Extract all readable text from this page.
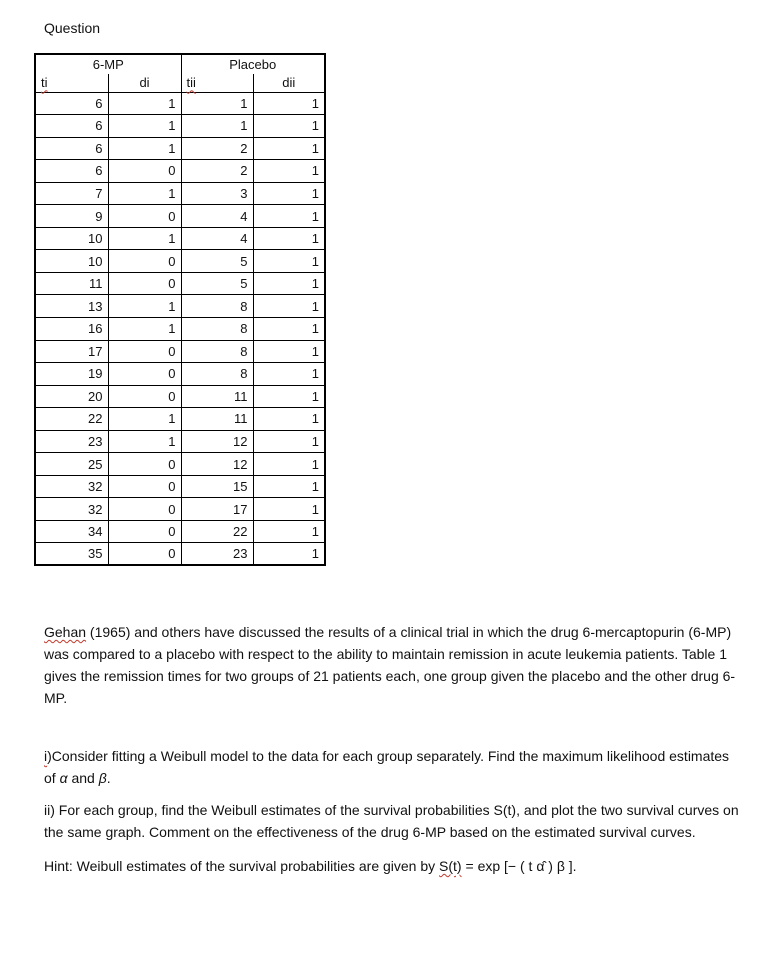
Question
6-MP		Placebo	
ti	di	tii	dii
6	1	1	1
6	1	1	1
6	1	2	1
6	0	2	1
7	1	3	1
9	0	4	1
10	1	4	1
10	0	5	1
11	0	5	1
13	1	8	1
16	1	8	1
17	0	8	1
19	0	8	1
20	0	11	1
22	1	11	1
23	1	12	1
25	0	12	1
32	0	15	1
32	0	17	1
34	0	22	1
35	0	23	1

Gehan (1965) and others have discussed the results of a clinical trial in which the drug 6-mercaptopurin (6-MP) was compared to a placebo with respect to the ability to maintain remission in acute leukemia patients. Table 1 gives the remission times for two groups of 21 patients each, one group given the placebo and the other drug 6-MP.

i)Consider fitting a Weibull model to the data for each group separately. Find the maximum likelihood estimates of α and β.

ii) For each group, find the Weibull estimates of the survival probabilities S(t), and plot the two survival curves on the same graph. Comment on the effectiveness of the drug 6-MP based on the estimated survival curves.

Hint: Weibull estimates of the survival probabilities are given by S(t) = exp [− ( t α̂ ) β ].
